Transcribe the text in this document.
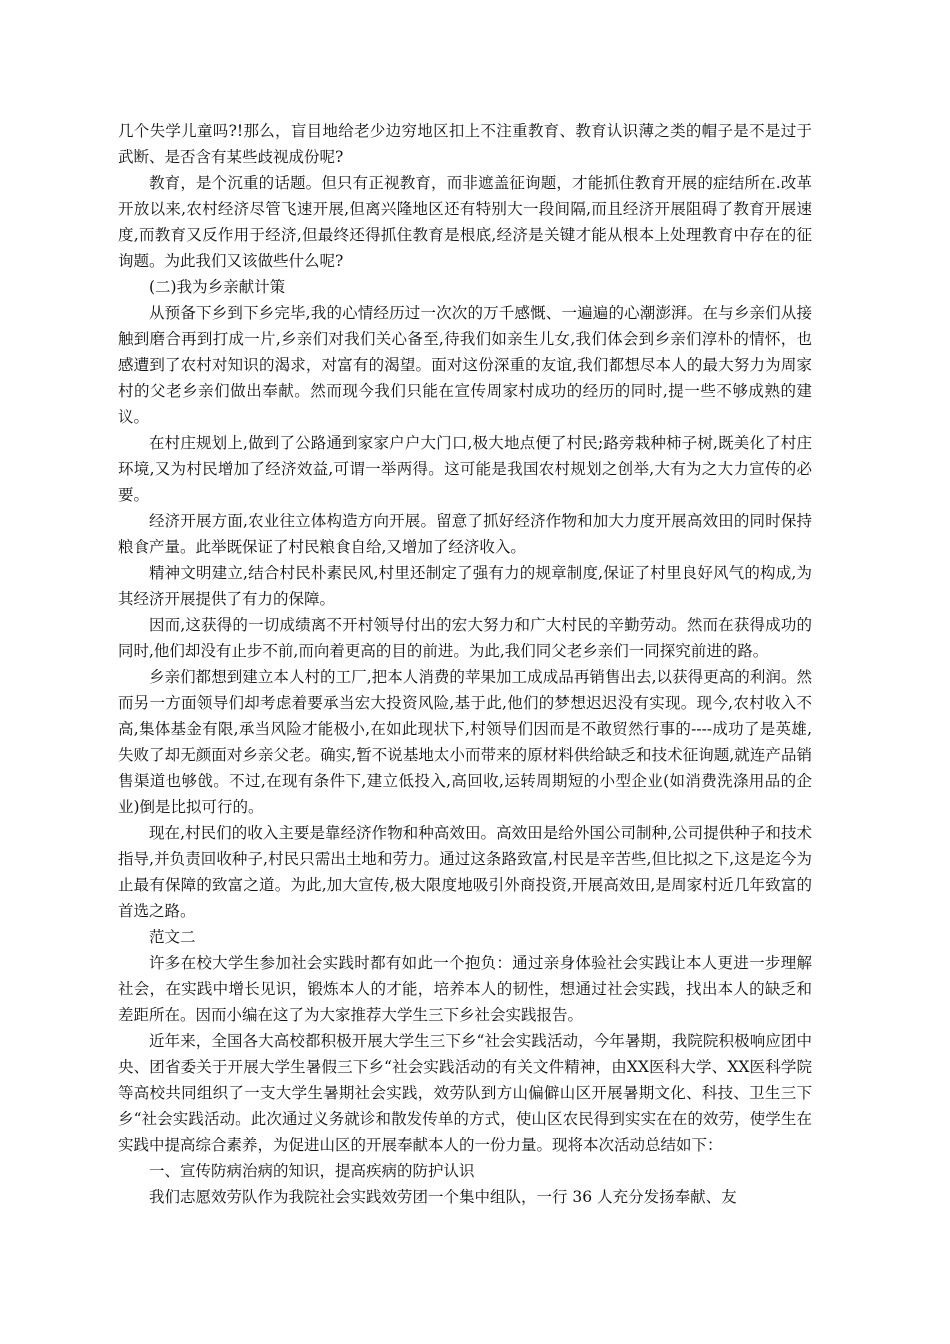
几个失学儿童吗?!那么，盲目地给老少边穷地区扣上不注重教育、教育认识薄之类的帽子是不是过于武断、是否含有某些歧视成份呢?

教育，是个沉重的话题。但只有正视教育，而非遮盖征询题，才能抓住教育开展的症结所在.改革开放以来,农村经济尽管飞速开展,但离兴隆地区还有特别大一段间隔,而且经济开展阻碍了教育开展速度,而教育又反作用于经济,但最终还得抓住教育是根底,经济是关键才能从根本上处理教育中存在的征询题。为此我们又该做些什么呢?

(二)我为乡亲献计策

从预备下乡到下乡完毕,我的心情经历过一次次的万千感慨、一遍遍的心潮澎湃。在与乡亲们从接触到磨合再到打成一片,乡亲们对我们关心备至,待我们如亲生儿女,我们体会到乡亲们淳朴的情怀，也感遭到了农村对知识的渴求，对富有的渴望。面对这份深重的友谊,我们都想尽本人的最大努力为周家村的父老乡亲们做出奉献。然而现今我们只能在宣传周家村成功的经历的同时,提一些不够成熟的建议。

在村庄规划上,做到了公路通到家家户户大门口,极大地点便了村民;路旁栽种柿子树,既美化了村庄环境,又为村民增加了经济效益,可谓一举两得。这可能是我国农村规划之创举,大有为之大力宣传的必要。

经济开展方面,农业往立体构造方向开展。留意了抓好经济作物和加大力度开展高效田的同时保持粮食产量。此举既保证了村民粮食自给,又增加了经济收入。

精神文明建立,结合村民朴素民风,村里还制定了强有力的规章制度,保证了村里良好风气的构成,为其经济开展提供了有力的保障。

因而,这获得的一切成绩离不开村领导付出的宏大努力和广大村民的辛勤劳动。然而在获得成功的同时,他们却没有止步不前,而向着更高的目的前进。为此,我们同父老乡亲们一同探究前进的路。

乡亲们都想到建立本人村的工厂,把本人消费的苹果加工成成品再销售出去,以获得更高的利润。然而另一方面领导们却考虑着要承当宏大投资风险,基于此,他们的梦想迟迟没有实现。现今,农村收入不高,集体基金有限,承当风险才能极小,在如此现状下,村领导们因而是不敢贸然行事的----成功了是英雄,失败了却无颜面对乡亲父老。确实,暂不说基地太小而带来的原材料供给缺乏和技术征询题,就连产品销售渠道也够戗。不过,在现有条件下,建立低投入,高回收,运转周期短的小型企业(如消费洗涤用品的企业)倒是比拟可行的。

现在,村民们的收入主要是靠经济作物和种高效田。高效田是给外国公司制种,公司提供种子和技术指导,并负责回收种子,村民只需出土地和劳力。通过这条路致富,村民是辛苦些,但比拟之下,这是迄今为止最有保障的致富之道。为此,加大宣传,极大限度地吸引外商投资,开展高效田,是周家村近几年致富的首选之路。

范文二

许多在校大学生参加社会实践时都有如此一个抱负：通过亲身体验社会实践让本人更进一步理解社会，在实践中增长见识，锻炼本人的才能，培养本人的韧性，想通过社会实践，找出本人的缺乏和差距所在。因而小编在这了为大家推荐大学生三下乡社会实践报告。

近年来，全国各大高校都积极开展大学生三下乡“社会实践活动，今年暑期，我院院积极响应团中央、团省委关于开展大学生暑假三下乡“社会实践活动的有关文件精神，由XX医科大学、XX医科学院等高校共同组织了一支大学生暑期社会实践，效劳队到方山偏僻山区开展暑期文化、科技、卫生三下乡“社会实践活动。此次通过义务就诊和散发传单的方式，使山区农民得到实实在在的效劳，使学生在实践中提高综合素养，为促进山区的开展奉献本人的一份力量。现将本次活动总结如下：

一、宣传防病治病的知识，提高疾病的防护认识

我们志愿效劳队作为我院社会实践效劳团一个集中组队，一行 36 人充分发扬奉献、友
